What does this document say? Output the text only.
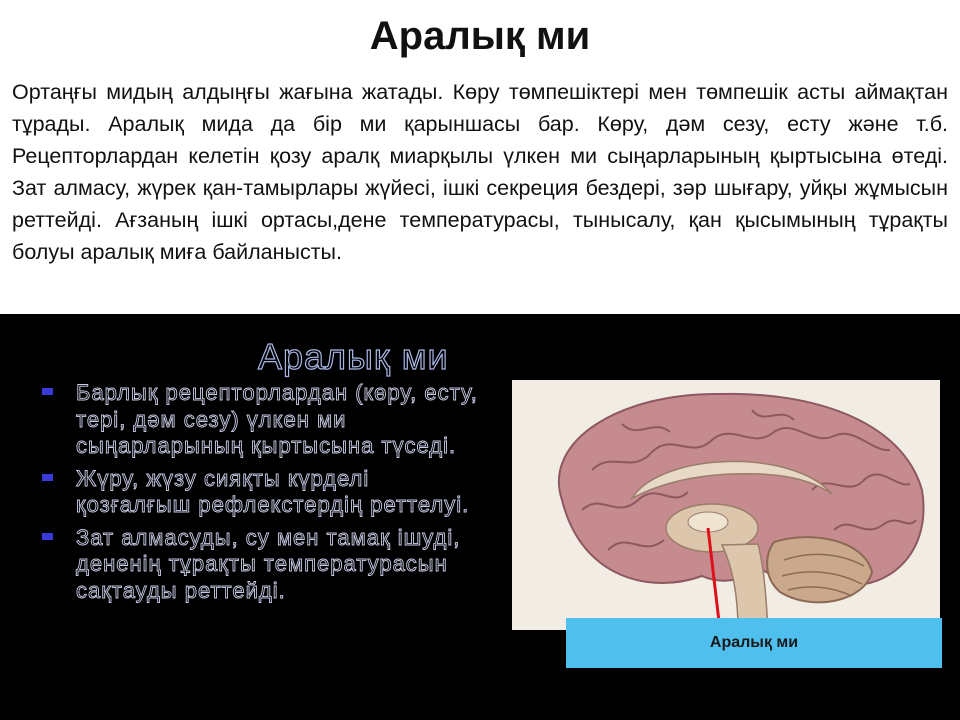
Аралық ми
Ортаңғы мидың алдыңғы жағына жатады. Көру төмпешіктері мен төмпешік асты аймақтан тұрады. Аралық мида да бір ми қарыншасы бар. Көру, дәм сезу, есту және т.б. Рецепторлардан келетін қозу аралқ миарқылы үлкен ми сыңарларының қыртысына өтеді. Зат алмасу, жүрек қан-тамырлары жүйесі, ішкі секреция бездері, зәр шығару, уйқы жұмысын реттейді. Ағзаның ішкі ортасы,дене температурасы, тынысалу, қан қысымының тұрақты болуы аралық миға байланысты.
Аралық ми
Барлық рецепторлардан (көру, есту, тері, дәм сезу) үлкен ми сыңарларының қыртысына түседі.
Жүру, жүзу сияқты күрделі қозғалғыш рефлекстердің реттелуі.
Зат алмасуды, су мен тамақ ішуді, дененің тұрақты температурасын сақтауды реттейді.
Аралық ми
